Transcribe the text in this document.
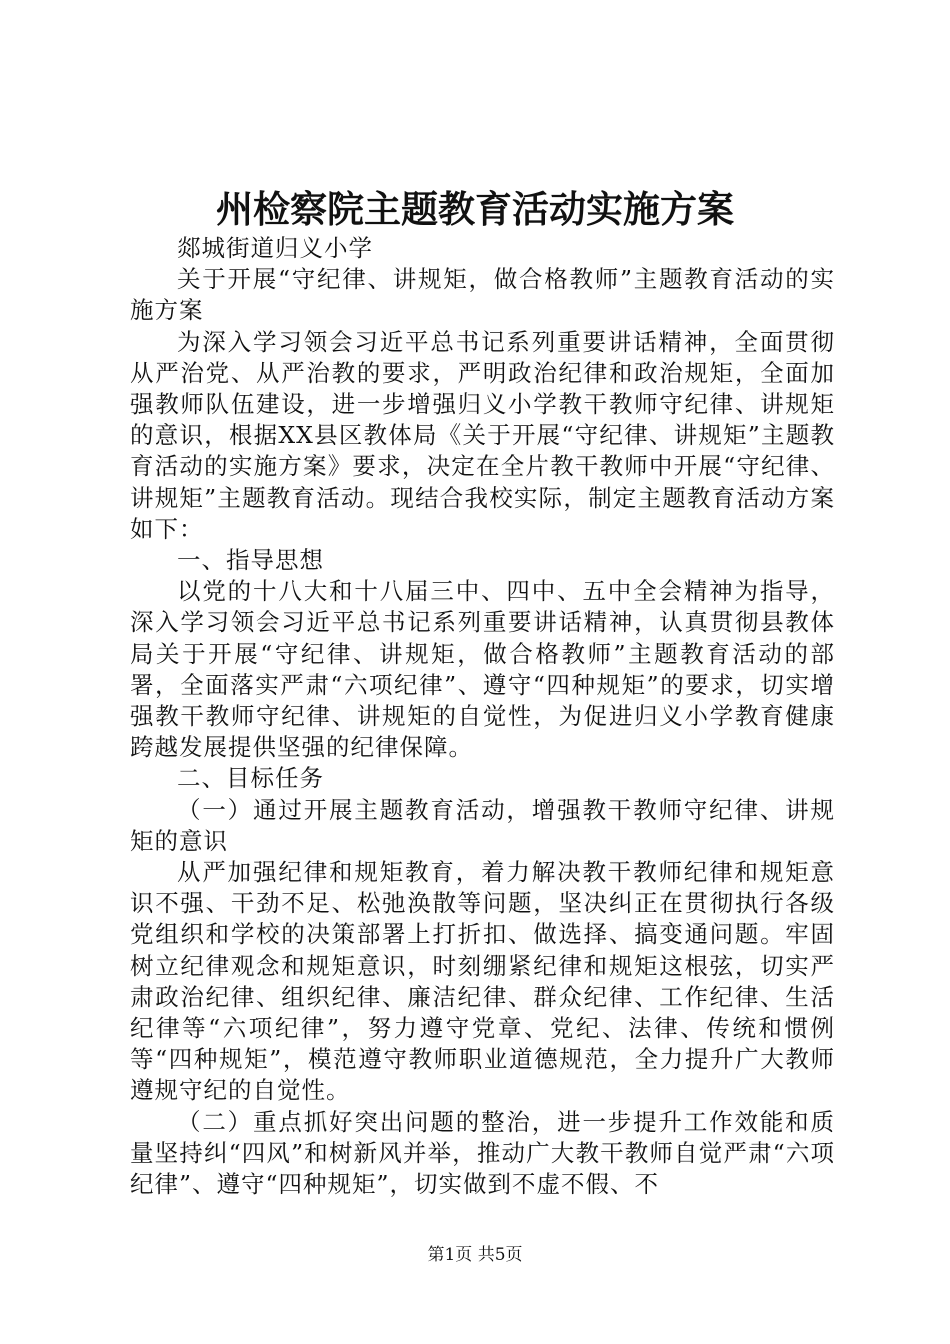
州检察院主题教育活动实施方案

郯城街道归义小学

关于开展“守纪律、讲规矩，做合格教师”主题教育活动的实施方案

为深入学习领会习近平总书记系列重要讲话精神，全面贯彻从严治党、从严治教的要求，严明政治纪律和政治规矩，全面加强教师队伍建设，进一步增强归义小学教干教师守纪律、讲规矩的意识，根据XX县区教体局《关于开展“守纪律、讲规矩”主题教育活动的实施方案》要求，决定在全片教干教师中开展“守纪律、讲规矩”主题教育活动。现结合我校实际，制定主题教育活动方案如下：

一、指导思想

以党的十八大和十八届三中、四中、五中全会精神为指导，深入学习领会习近平总书记系列重要讲话精神，认真贯彻县教体局关于开展“守纪律、讲规矩，做合格教师”主题教育活动的部署，全面落实严肃“六项纪律”、遵守“四种规矩”的要求，切实增强教干教师守纪律、讲规矩的自觉性，为促进归义小学教育健康跨越发展提供坚强的纪律保障。

二、目标任务

（一）通过开展主题教育活动，增强教干教师守纪律、讲规矩的意识

从严加强纪律和规矩教育，着力解决教干教师纪律和规矩意识不强、干劲不足、松弛涣散等问题，坚决纠正在贯彻执行各级党组织和学校的决策部署上打折扣、做选择、搞变通问题。牢固树立纪律观念和规矩意识，时刻绷紧纪律和规矩这根弦，切实严肃政治纪律、组织纪律、廉洁纪律、群众纪律、工作纪律、生活纪律等“六项纪律”，努力遵守党章、党纪、法律、传统和惯例等“四种规矩”，模范遵守教师职业道德规范，全力提升广大教师遵规守纪的自觉性。

（二）重点抓好突出问题的整治，进一步提升工作效能和质量坚持纠“四风”和树新风并举，推动广大教干教师自觉严肃“六项纪律”、遵守“四种规矩”，切实做到不虚不假、不

第1页 共5页
